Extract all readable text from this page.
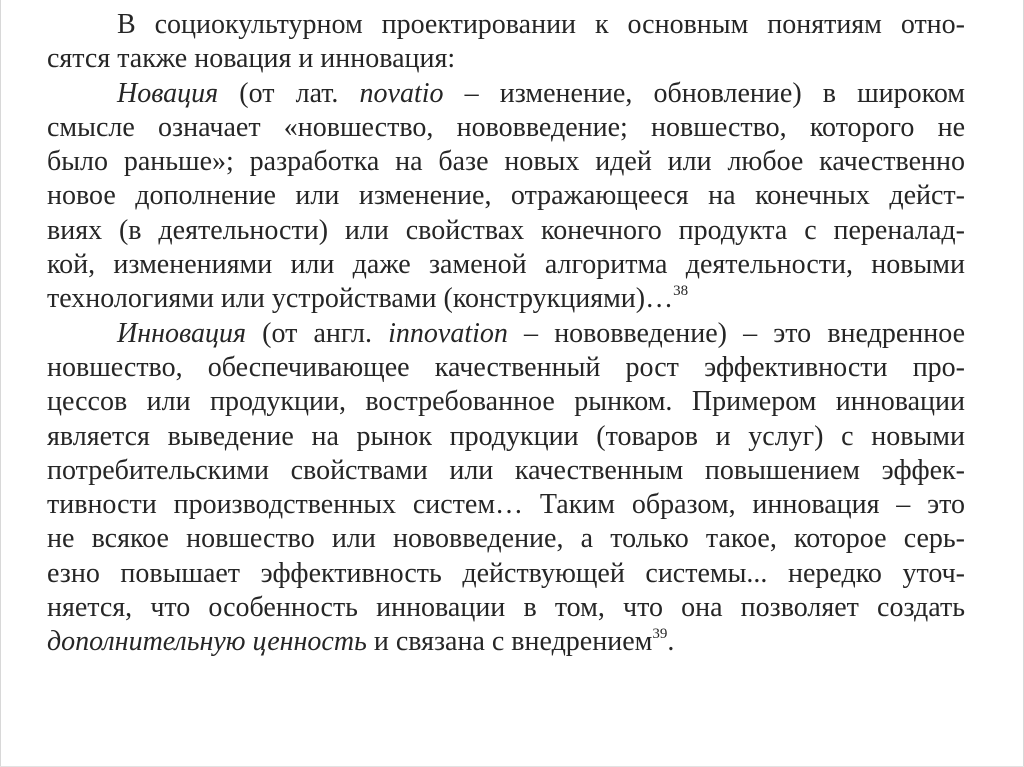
В социокультурном проектировании к основным понятиям отно-
сятся также новация и инновация:
Новация (от лат. novatio – изменение, обновление) в широком
смысле означает «новшество, нововведение; новшество, которого не
было раньше»; разработка на базе новых идей или любое качественно
новое дополнение или изменение, отражающееся на конечных дейст-
виях (в деятельности) или свойствах конечного продукта с переналад-
кой, изменениями или даже заменой алгоритма деятельности, новыми
технологиями или устройствами (конструкциями)…$^{38}$
Инновация (от англ. innovation – нововведение) – это внедренное
новшество, обеспечивающее качественный рост эффективности про-
цессов или продукции, востребованное рынком. Примером инновации
является выведение на рынок продукции (товаров и услуг) с новыми
потребительскими свойствами или качественным повышением эффек-
тивности производственных систем… Таким образом, инновация – это
не всякое новшество или нововведение, а только такое, которое серь-
езно повышает эффективность действующей системы... нередко уточ-
няется, что особенность инновации в том, что она позволяет создать
дополнительную ценность и связана с внедрением$^{39}$.
